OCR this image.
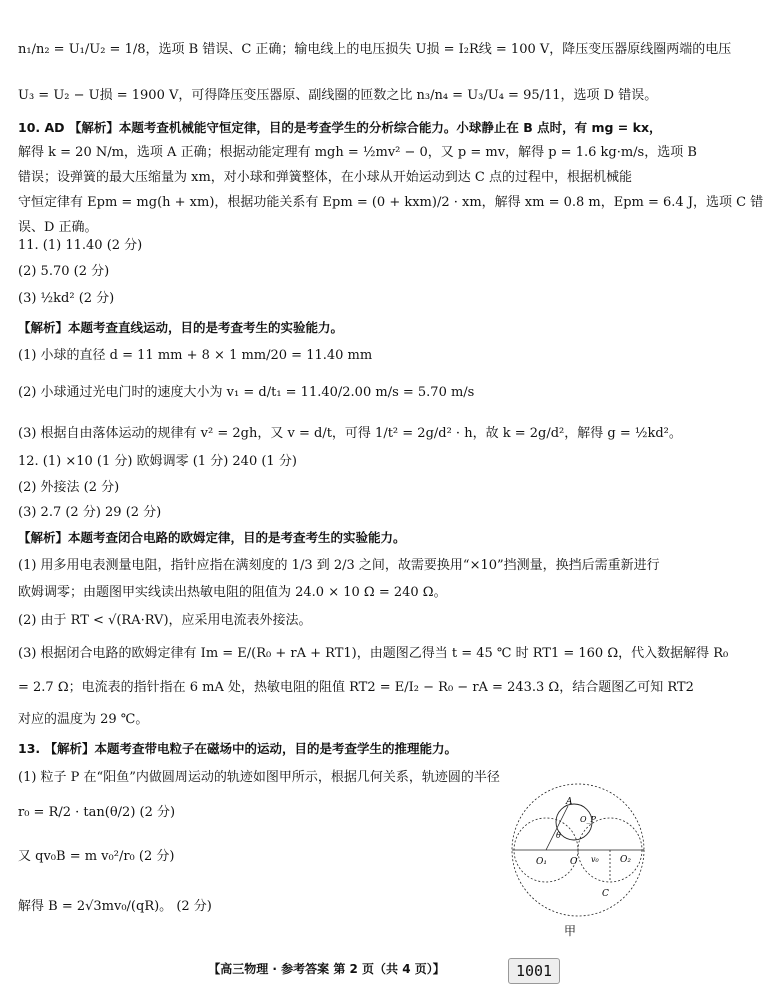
n₁/n₂ = U₁/U₂ = 1/8，选项 B 错误、C 正确；输电线上的电压损失 U损 = I₂R线 = 100 V，降压变压器原线圈两端的电压
U₃ = U₂ − U损 = 1900 V，可得降压变压器原、副线圈的匝数之比 n₃/n₄ = U₃/U₄ = 95/11，选项 D 错误。
10. AD 【解析】本题考查机械能守恒定律，目的是考查学生的分析综合能力。小球静止在 B 点时，有 mg = kx，
解得 k = 20 N/m，选项 A 正确；根据动能定理有 mgh = ½mv² − 0，又 p = mv，解得 p = 1.6 kg·m/s，选项 B
错误；设弹簧的最大压缩量为 xm，对小球和弹簧整体，在小球从开始运动到达 C 点的过程中，根据机械能
守恒定律有 Epm = mg(h + xm)，根据功能关系有 Epm = (0 + kxm)/2 · xm，解得 xm = 0.8 m，Epm = 6.4 J，选项 C 错
误、D 正确。
11. (1) 11.40 (2 分)
(2) 5.70 (2 分)
(3) ½kd² (2 分)
【解析】本题考查直线运动，目的是考查考生的实验能力。
(1) 小球的直径 d = 11 mm + 8 × 1 mm/20 = 11.40 mm
(2) 小球通过光电门时的速度大小为 v₁ = d/t₁ = 11.40/2.00 m/s = 5.70 m/s
(3) 根据自由落体运动的规律有 v² = 2gh，又 v = d/t，可得 1/t² = 2g/d² · h，故 k = 2g/d²，解得 g = ½kd²。
12. (1) ×10 (1 分) 欧姆调零 (1 分) 240 (1 分)
(2) 外接法 (2 分)
(3) 2.7 (2 分) 29 (2 分)
【解析】本题考查闭合电路的欧姆定律，目的是考查考生的实验能力。
(1) 用多用电表测量电阻，指针应指在满刻度的 1/3 到 2/3 之间，故需要换用“×10”挡测量，换挡后需重新进行
欧姆调零；由题图甲实线读出热敏电阻的阻值为 24.0 × 10 Ω = 240 Ω。
(2) 由于 RT < √(RA·RV)，应采用电流表外接法。
(3) 根据闭合电路的欧姆定律有 Im = E/(R₀ + rA + RT1)，由题图乙得当 t = 45 ℃ 时 RT1 = 160 Ω，代入数据解得 R₀
= 2.7 Ω；电流表的指针指在 6 mA 处，热敏电阻的阻值 RT2 = E/I₂ − R₀ − rA = 243.3 Ω，结合题图乙可知 RT2
对应的温度为 29 ℃。
13. 【解析】本题考查带电粒子在磁场中的运动，目的是考查学生的推理能力。
(1) 粒子 P 在“阳鱼”内做圆周运动的轨迹如图甲所示，根据几何关系，轨迹圆的半径
r₀ = R/2 · tan(θ/2) (2 分)
又 qv₀B = m v₀²/r₀ (2 分)
解得 B = 2√3mv₀/(qR)。 (2 分)
A
O₁	O v₀ O₂
C
θ
O_P
甲
【高三物理 · 参考答案 第 2 页（共 4 页）】	1001
